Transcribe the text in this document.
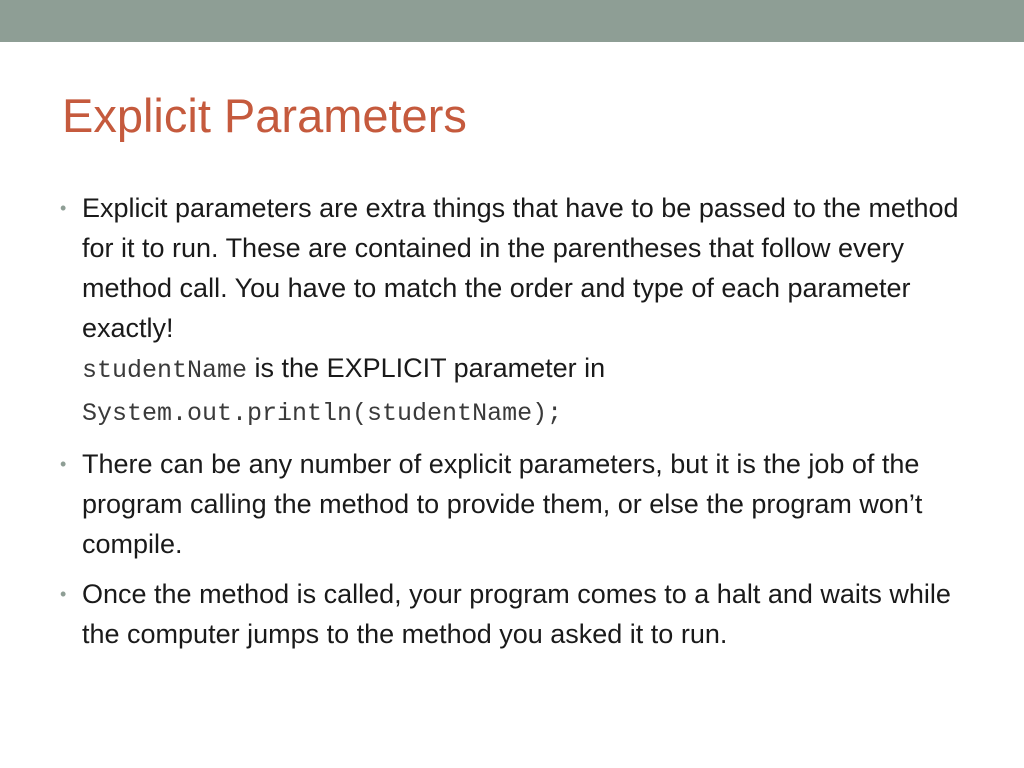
Explicit Parameters
• Explicit parameters are extra things that have to be passed to the method for it to run. These are contained in the parentheses that follow every method call. You have to match the order and type of each parameter exactly!
studentName is the EXPLICIT parameter in
System.out.println(studentName);
• There can be any number of explicit parameters, but it is the job of the program calling the method to provide them, or else the program won’t compile.
• Once the method is called, your program comes to a halt and waits while the computer jumps to the method you asked it to run.
